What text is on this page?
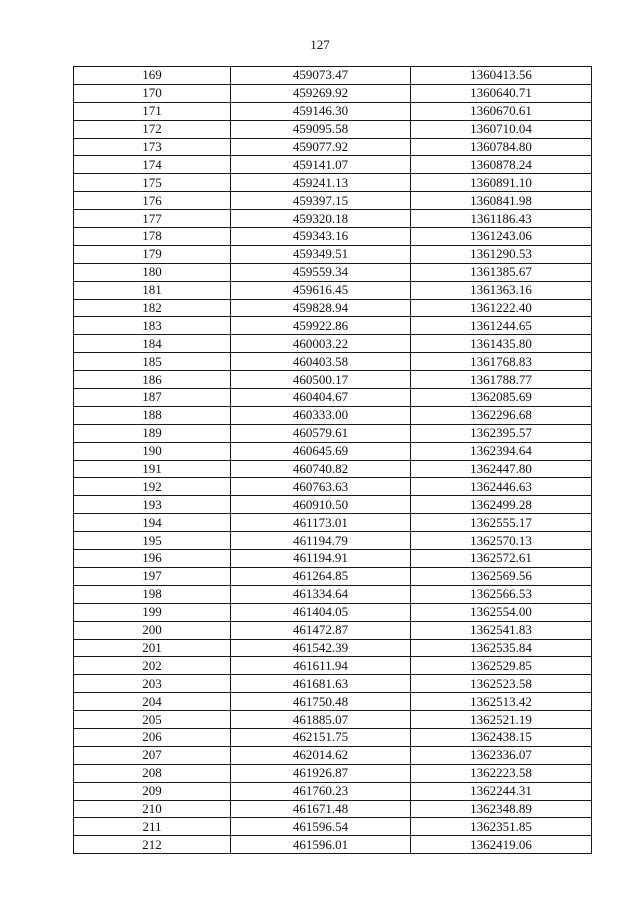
127
169	459073.47	1360413.56
170	459269.92	1360640.71
171	459146.30	1360670.61
172	459095.58	1360710.04
173	459077.92	1360784.80
174	459141.07	1360878.24
175	459241.13	1360891.10
176	459397.15	1360841.98
177	459320.18	1361186.43
178	459343.16	1361243.06
179	459349.51	1361290.53
180	459559.34	1361385.67
181	459616.45	1361363.16
182	459828.94	1361222.40
183	459922.86	1361244.65
184	460003.22	1361435.80
185	460403.58	1361768.83
186	460500.17	1361788.77
187	460404.67	1362085.69
188	460333.00	1362296.68
189	460579.61	1362395.57
190	460645.69	1362394.64
191	460740.82	1362447.80
192	460763.63	1362446.63
193	460910.50	1362499.28
194	461173.01	1362555.17
195	461194.79	1362570.13
196	461194.91	1362572.61
197	461264.85	1362569.56
198	461334.64	1362566.53
199	461404.05	1362554.00
200	461472.87	1362541.83
201	461542.39	1362535.84
202	461611.94	1362529.85
203	461681.63	1362523.58
204	461750.48	1362513.42
205	461885.07	1362521.19
206	462151.75	1362438.15
207	462014.62	1362336.07
208	461926.87	1362223.58
209	461760.23	1362244.31
210	461671.48	1362348.89
211	461596.54	1362351.85
212	461596.01	1362419.06
